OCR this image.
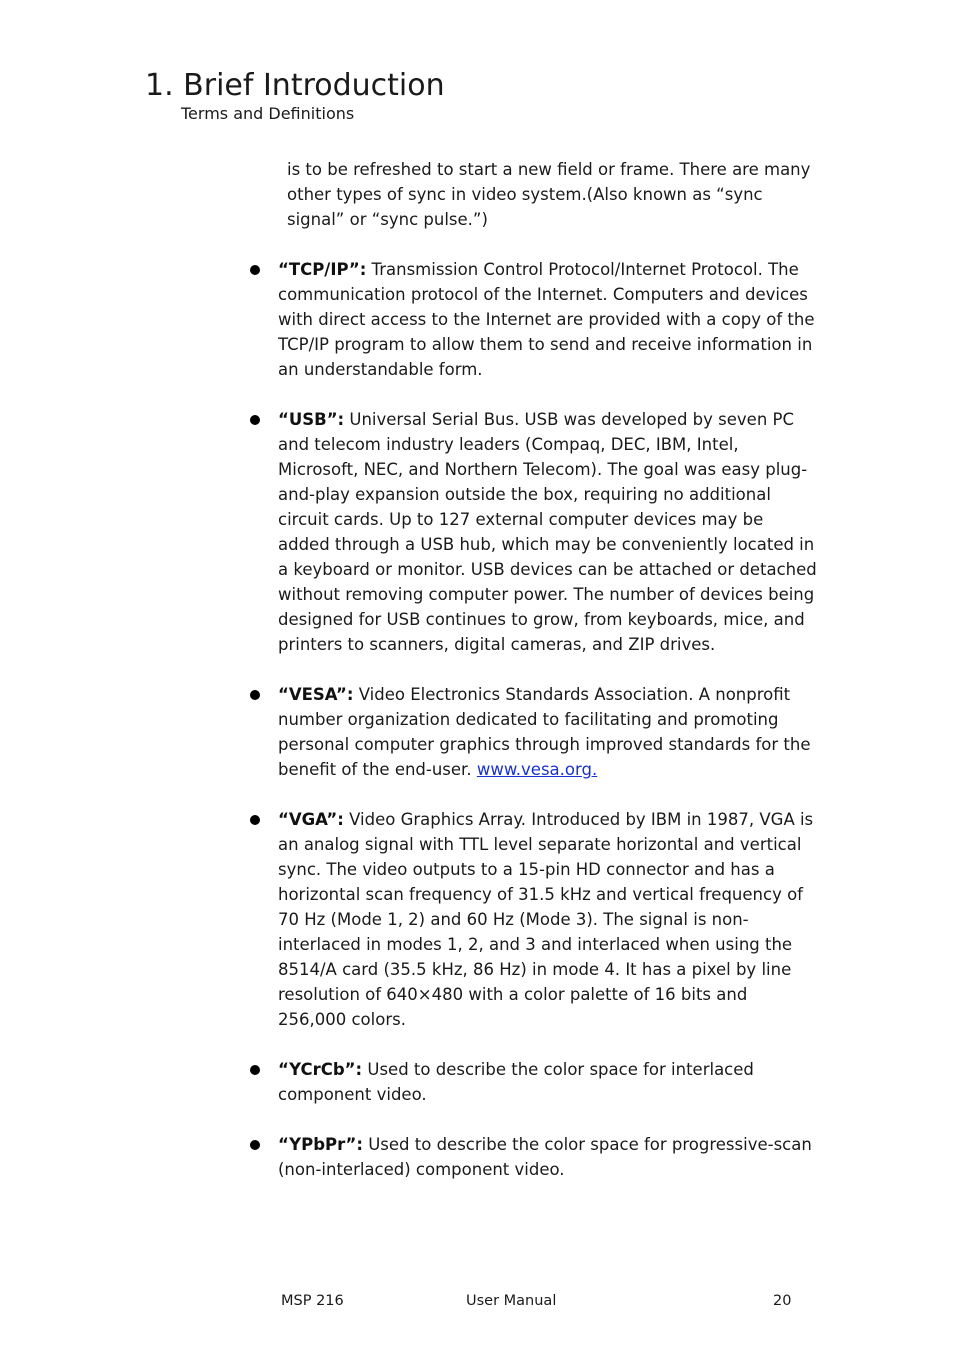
1. Brief Introduction
Terms and Definitions

is to be refreshed to start a new field or frame. There are many other types of sync in video system.(Also known as “sync signal” or “sync pulse.”)

“TCP/IP”: Transmission Control Protocol/Internet Protocol. The communication protocol of the Internet. Computers and devices with direct access to the Internet are provided with a copy of the TCP/IP program to allow them to send and receive information in an understandable form.
“USB”: Universal Serial Bus. USB was developed by seven PC and telecom industry leaders (Compaq, DEC, IBM, Intel, Microsoft, NEC, and Northern Telecom). The goal was easy plug-and-play expansion outside the box, requiring no additional circuit cards. Up to 127 external computer devices may be added through a USB hub, which may be conveniently located in a keyboard or monitor. USB devices can be attached or detached without removing computer power. The number of devices being designed for USB continues to grow, from keyboards, mice, and printers to scanners, digital cameras, and ZIP drives.
“VESA”: Video Electronics Standards Association. A nonprofit number organization dedicated to facilitating and promoting personal computer graphics through improved standards for the benefit of the end-user. www.vesa.org.
“VGA”: Video Graphics Array. Introduced by IBM in 1987, VGA is an analog signal with TTL level separate horizontal and vertical sync. The video outputs to a 15-pin HD connector and has a horizontal scan frequency of 31.5 kHz and vertical frequency of 70 Hz (Mode 1, 2) and 60 Hz (Mode 3). The signal is non-interlaced in modes 1, 2, and 3 and interlaced when using the 8514/A card (35.5 kHz, 86 Hz) in mode 4. It has a pixel by line resolution of 640×480 with a color palette of 16 bits and 256,000 colors.
“YCrCb”: Used to describe the color space for interlaced component video.
“YPbPr”: Used to describe the color space for progressive-scan (non-interlaced) component video.
MSP 216	User Manual	20
